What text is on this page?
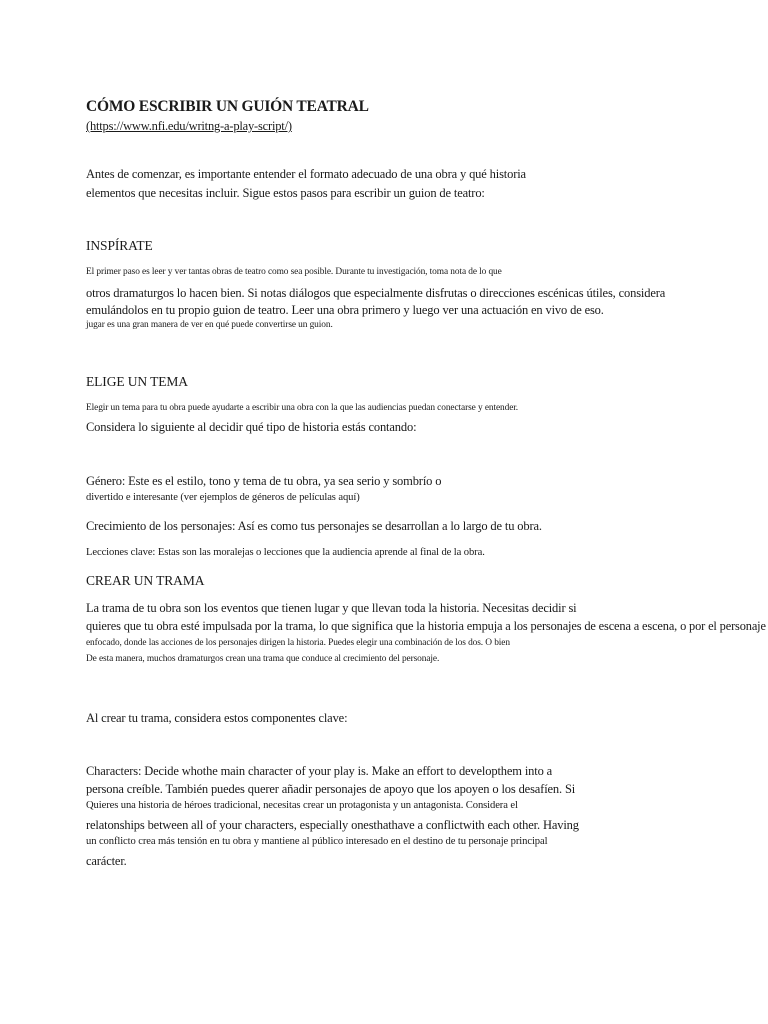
CÓMO ESCRIBIR UN GUIÓN TEATRAL
(https://www.nfi.edu/writng-a-play-script/)
Antes de comenzar, es importante entender el formato adecuado de una obra y qué historia
elementos que necesitas incluir. Sigue estos pasos para escribir un guion de teatro:
INSPÍRATE
El primer paso es leer y ver tantas obras de teatro como sea posible. Durante tu investigación, toma nota de lo que
otros dramaturgos lo hacen bien. Si notas diálogos que especialmente disfrutas o direcciones escénicas útiles, considera
emulándolos en tu propio guion de teatro. Leer una obra primero y luego ver una actuación en vivo de eso.
jugar es una gran manera de ver en qué puede convertirse un guion.
ELIGE UN TEMA
Elegir un tema para tu obra puede ayudarte a escribir una obra con la que las audiencias puedan conectarse y entender.
Considera lo siguiente al decidir qué tipo de historia estás contando:
Género: Este es el estilo, tono y tema de tu obra, ya sea serio y sombrío o
divertido e interesante (ver ejemplos de géneros de películas aquí)
Crecimiento de los personajes: Así es como tus personajes se desarrollan a lo largo de tu obra.
Lecciones clave: Estas son las moralejas o lecciones que la audiencia aprende al final de la obra.
CREAR UN TRAMA
La trama de tu obra son los eventos que tienen lugar y que llevan toda la historia. Necesitas decidir si
quieres que tu obra esté impulsada por la trama, lo que significa que la historia empuja a los personajes de escena a escena, o por el personaje
enfocado, donde las acciones de los personajes dirigen la historia. Puedes elegir una combinación de los dos. O bien
De esta manera, muchos dramaturgos crean una trama que conduce al crecimiento del personaje.
Al crear tu trama, considera estos componentes clave:
Characters: Decide whothe main character of your play is. Make an effort to developthem into a
persona creíble. También puedes querer añadir personajes de apoyo que los apoyen o los desafíen. Si
Quieres una historia de héroes tradicional, necesitas crear un protagonista y un antagonista. Considera el
relatonships between all of your characters, especially onesthathave a conflictwith each other. Having
un conflicto crea más tensión en tu obra y mantiene al público interesado en el destino de tu personaje principal
carácter.
